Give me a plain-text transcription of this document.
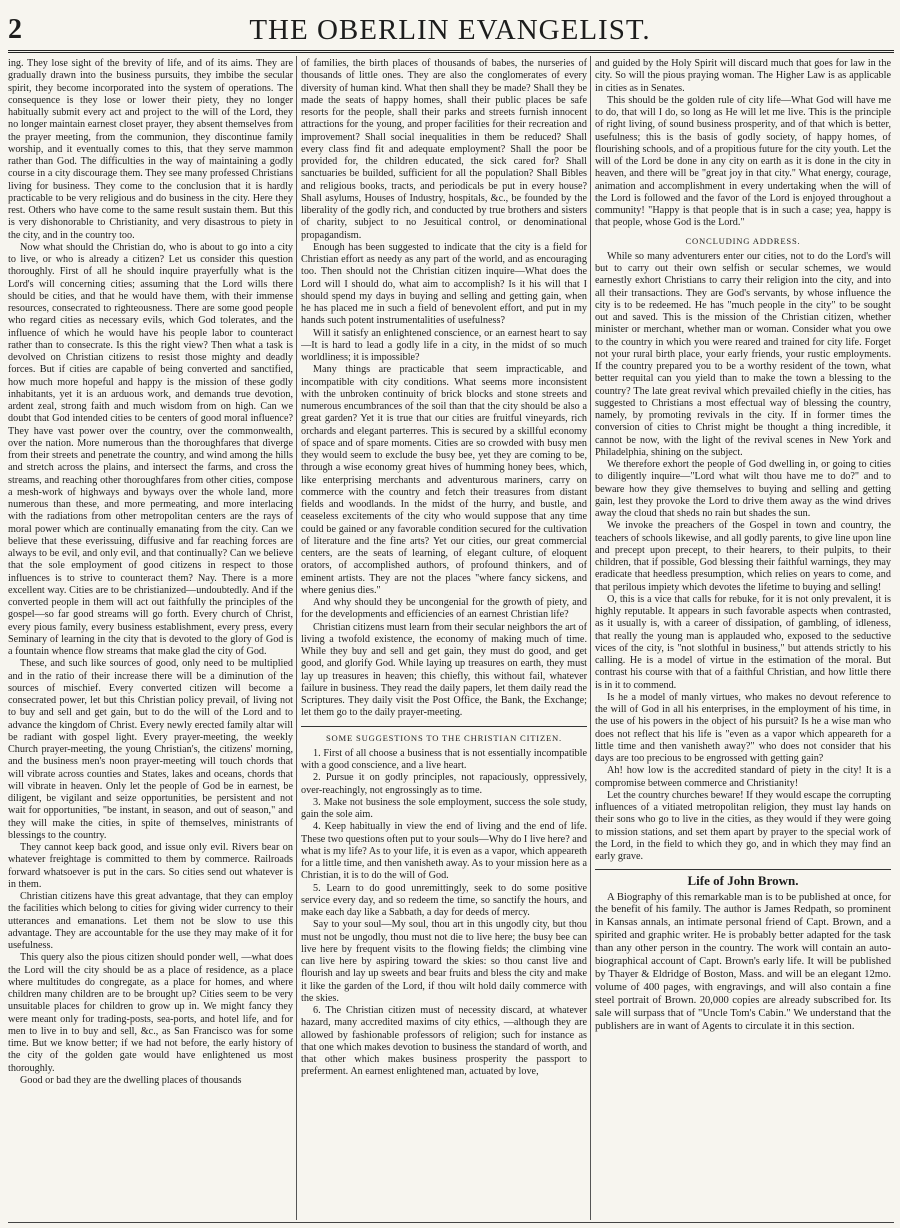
2	THE OBERLIN EVANGELIST.

ing. They lose sight of the brevity of life, and of its aims. They are gradually drawn into the business pursuits, they imbibe the secular spirit, they become incorporated into the system of operations. The consequence is they lose or lower their piety, they no longer habitually submit every act and project to the will of the Lord, they no longer maintain earnest closet prayer, they absent themselves from the prayer meeting, from the communion, they discontinue family worship, and it eventually comes to this, that they serve mammon rather than God. The difficulties in the way of maintaining a godly course in a city discourage them. They see many professed Christians living for business. They come to the conclusion that it is hardly practicable to be very religious and do business in the city. Here they rest. Others who have come to the same result sustain them. But this is very dishonorable to Christianity, and very disastrous to piety in the city, and in the country too.

Now what should the Christian do, who is about to go into a city to live, or who is already a citizen? Let us consider this question thoroughly. First of all he should inquire prayerfully what is the Lord's will concerning cities; assuming that the Lord wills there should be cities, and that he would have them, with their immense resources, consecrated to righteousness. There are some good people who regard cities as necessary evils, which God tolerates, and the influence of which he would have his people labor to counteract rather than to consecrate. Is this the right view? Then what a task is devolved on Christian citizens to resist those mighty and deadly forces. But if cities are capable of being converted and sanctified, how much more hopeful and happy is the mission of these godly inhabitants, yet it is an arduous work, and demands true devotion, ardent zeal, strong faith and much wisdom from on high. Can we doubt that God intended cities to be centers of good moral influence? They have vast power over the country, over the commonwealth, over the nation. More numerous than the thoroughfares that diverge from their streets and penetrate the country, and wind among the hills and stretch across the plains, and intersect the farms, and cross the streams, and reaching other thoroughfares from other cities, compose a mesh-work of highways and byways over the whole land, more numerous than these, and more permeating, and more interlacing with the radiations from other metropolitan centers are the rays of moral power which are continually emanating from the city. Can we believe that these everissuing, diffusive and far reaching forces are always to be evil, and only evil, and that continually? Can we believe that the sole employment of good citizens in respect to those influences is to strive to counteract them? Nay. There is a more excellent way. Cities are to be christianized—undoubtedly. And if the converted people in them will act out faithfully the principles of the gospel—so far good streams will go forth. Every church of Christ, every pious family, every business establishment, every press, every Seminary of learning in the city that is devoted to the glory of God is a fountain whence flow streams that make glad the city of God.

These, and such like sources of good, only need to be multiplied and in the ratio of their increase there will be a diminution of the sources of mischief. Every converted citizen will become a consecrated power, let but this Christian policy prevail, of living not to buy and sell and get gain, but to do the will of the Lord and to advance the kingdom of Christ. Every newly erected family altar will be radiant with gospel light. Every prayer-meeting, the weekly Church prayer-meeting, the young Christian's, the citizens' morning, and the business men's noon prayer-meeting will touch chords that will vibrate across counties and States, lakes and oceans, chords that will vibrate in heaven. Only let the people of God be in earnest, be diligent, be vigilant and seize opportunities, be persistent and not wait for opportunities, "be instant, in season, and out of season," and they will make the cities, in spite of themselves, ministrants of blessings to the country.

They cannot keep back good, and issue only evil. Rivers bear on whatever freightage is committed to them by commerce. Railroads forward whatsoever is put in the cars. So cities send out whatever is in them.

Christian citizens have this great advantage, that they can employ the facilities which belong to cities for giving wider currency to their utterances and emanations. Let them not be slow to use this advantage. They are accountable for the use they may make of it for usefulness.

This query also the pious citizen should ponder well, —what does the Lord will the city should be as a place of residence, as a place where multitudes do congregate, as a place for homes, and where children many children are to be brought up? Cities seem to be very unsuitable places for children to grow up in. We might fancy they were meant only for trading-posts, sea-ports, and hotel life, and for men to live in to buy and sell, &c., as San Francisco was for some time. But we know better; if we had not before, the early history of the city of the golden gate would have enlightened us most thoroughly.

Good or bad they are the dwelling places of thousands

of families, the birth places of thousands of babes, the nurseries of thousands of little ones. They are also the conglomerates of every diversity of human kind. What then shall they be made? Shall they be made the seats of happy homes, shall their public places be safe resorts for the people, shall their parks and streets furnish innocent attractions for the young, and proper facilities for their recreation and improvement? Shall social inequalities in them be reduced? Shall every class find fit and adequate employment? Shall the poor be provided for, the children educated, the sick cared for? Shall sanctuaries be builded, sufficient for all the population? Shall Bibles and religious books, tracts, and periodicals be put in every house? Shall asylums, Houses of Industry, hospitals, &c., be founded by the liberality of the godly rich, and conducted by true brothers and sisters of charity, subject to no Jesuitical control, or denominational propagandism.

Enough has been suggested to indicate that the city is a field for Christian effort as needy as any part of the world, and as encouraging too. Then should not the Christian citizen inquire—What does the Lord will I should do, what aim to accomplish? Is it his will that I should spend my days in buying and selling and getting gain, when he has placed me in such a field of benevolent effort, and put in my hands such potent instrumentalities of usefulness?

Will it satisfy an enlightened conscience, or an earnest heart to say—It is hard to lead a godly life in a city, in the midst of so much worldliness; it is impossible?

Many things are practicable that seem impracticable, and incompatible with city conditions. What seems more inconsistent with the unbroken continuity of brick blocks and stone streets and numerous encumbrances of the soil than that the city should be also a great garden? Yet it is true that our cities are fruitful vineyards, rich orchards and elegant parterres. This is secured by a skillful economy of space and of spare moments. Cities are so crowded with busy men they would seem to exclude the busy bee, yet they are coming to be, through a wise economy great hives of humming honey bees, which, like enterprising merchants and adventurous mariners, carry on commerce with the country and fetch their treasures from distant fields and woodlands. In the midst of the hurry, and bustle, and ceaseless excitements of the city who would suppose that any time could be gained or any favorable condition secured for the cultivation of literature and the fine arts? Yet our cities, our great commercial centers, are the seats of learning, of elegant culture, of eloquent orators, of accomplished authors, of profound thinkers, and of eminent artists. They are not the places "where fancy sickens, and where genius dies."

And why should they be uncongenial for the growth of piety, and for the developments and efficiencies of an earnest Christian life?

Christian citizens must learn from their secular neighbors the art of living a twofold existence, the economy of making much of time. While they buy and sell and get gain, they must do good, and get good, and glorify God. While laying up treasures on earth, they must lay up treasures in heaven; this chiefly, this without fail, whatever failure in business. They read the daily papers, let them daily read the Scriptures. They daily visit the Post Office, the Bank, the Exchange; let them go to the daily prayer-meeting.

SOME SUGGESTIONS TO THE CHRISTIAN CITIZEN.

1. First of all choose a business that is not essentially incompatible with a good conscience, and a live heart.

2. Pursue it on godly principles, not rapaciously, oppressively, over-reachingly, not engrossingly as to time.

3. Make not business the sole employment, success the sole study, gain the sole aim.

4. Keep habitually in view the end of living and the end of life. These two questions often put to your souls—Why do I live here? and what is my life? As to your life, it is even as a vapor, which appeareth for a little time, and then vanisheth away. As to your mission here as a Christian, it is to do the will of God.

5. Learn to do good unremittingly, seek to do some positive service every day, and so redeem the time, so sanctify the hours, and make each day like a Sabbath, a day for deeds of mercy.

Say to your soul—My soul, thou art in this ungodly city, but thou must not be ungodly, thou must not die to live here; the busy bee can live here by frequent visits to the flowing fields; the climbing vine can live here by aspiring toward the skies: so thou canst live and flourish and lay up sweets and bear fruits and bless the city and make it like the garden of the Lord, if thou wilt hold daily commerce with the skies.

6. The Christian citizen must of necessity discard, at whatever hazard, many accredited maxims of city ethics, —although they are allowed by fashionable professors of religion; such for instance as that one which makes devotion to business the standard of worth, and that other which makes business prosperity the passport to preferment. An earnest enlightened man, actuated by love,

and guided by the Holy Spirit will discard much that goes for law in the city. So will the pious praying woman. The Higher Law is as applicable in cities as in Senates.

This should be the golden rule of city life—What God will have me to do, that will I do, so long as He will let me live. This is the principle of right living, of sound business prosperity, and of that which is better, usefulness; this is the basis of godly society, of happy homes, of flourishing schools, and of a propitious future for the city youth. Let the will of the Lord be done in any city on earth as it is done in the city in heaven, and there will be "great joy in that city." What energy, courage, animation and accomplishment in every undertaking when the will of the Lord is followed and the favor of the Lord is enjoyed throughout a community! "Happy is that people that is in such a case; yea, happy is that people, whose God is the Lord."

CONCLUDING ADDRESS.

While so many adventurers enter our cities, not to do the Lord's will but to carry out their own selfish or secular schemes, we would earnestly exhort Christians to carry their religion into the city, and into all their transactions. They are God's servants, by whose influence the city is to be redeemed. He has "much people in the city" to be sought out and saved. This is the mission of the Christian citizen, whether minister or merchant, whether man or woman. Consider what you owe to the country in which you were reared and trained for city life. Forget not your rural birth place, your early friends, your rustic employments. If the country prepared you to be a worthy resident of the town, what better requital can you yield than to make the town a blessing to the country? The late great revival which prevailed chiefly in the cities, has suggested to Christians a most effectual way of blessing the country, namely, by promoting revivals in the city. If in former times the conversion of cities to Christ might be thought a thing incredible, it cannot be now, with the light of the revival scenes in New York and Philadelphia, shining on the subject.

We therefore exhort the people of God dwelling in, or going to cities to diligently inquire—"Lord what wilt thou have me to do?" and to beware how they give themselves to buying and selling and getting gain, lest they provoke the Lord to drive them away as the wind drives away the cloud that sheds no rain but shades the sun.

We invoke the preachers of the Gospel in town and country, the teachers of schools likewise, and all godly parents, to give line upon line and precept upon precept, to their hearers, to their pulpits, to their children, that if possible, God blessing their faithful warnings, they may eradicate that heedless presumption, which relies on years to come, and that perilous impiety which devotes the lifetime to buying and selling!

O, this is a vice that calls for rebuke, for it is not only prevalent, it is highly reputable. It appears in such favorable aspects when contrasted, as it usually is, with a career of dissipation, of gambling, of idleness, that really the young man is applauded who, exposed to the seductive vices of the city, is "not slothful in business," but attends strictly to his calling. He is a model of virtue in the estimation of the moral. But contrast his course with that of a faithful Christian, and how little there is in it to commend.

Is he a model of manly virtues, who makes no devout reference to the will of God in all his enterprises, in the employment of his time, in the use of his powers in the object of his pursuit? Is he a wise man who does not reflect that his life is "even as a vapor which appeareth for a little time and then vanisheth away?" who does not consider that his days are too precious to be engrossed with getting gain?

Ah! how low is the accredited standard of piety in the city! It is a compromise between commerce and Christianity!

Let the country churches beware! If they would escape the corrupting influences of a vitiated metropolitan religion, they must lay hands on their sons who go to live in the cities, as they would if they were going to mission stations, and set them apart by prayer to the special work of the Lord, in the field to which they go, and in which they may find an early grave.

Life of John Brown.

A Biography of this remarkable man is to be published at once, for the benefit of his family. The author is James Redpath, so prominent in Kansas annals, an intimate personal friend of Capt. Brown, and a spirited and graphic writer. He is probably better adapted for the task than any other person in the country. The work will contain an auto-biographical account of Capt. Brown's early life. It will be published by Thayer & Eldridge of Boston, Mass. and will be an elegant 12mo. volume of 400 pages, with engravings, and will also contain a fine steel portrait of Brown. 20,000 copies are already subscribed for. Its sale will surpass that of "Uncle Tom's Cabin." We understand that the publishers are in want of Agents to circulate it in this section.
